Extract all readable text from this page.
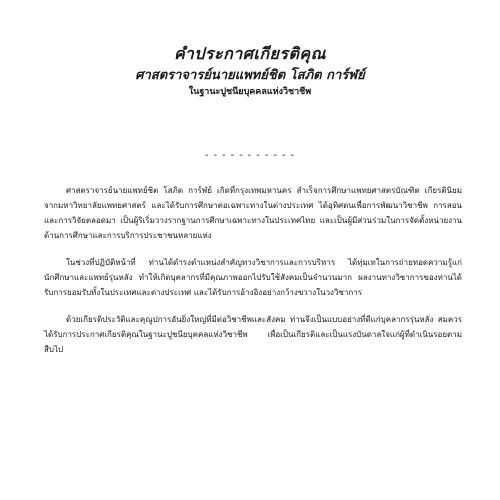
คำประกาศเกียรติคุณ
ศาสตราจารย์นายแพทย์ชิต โสภิต การ์ฬย์
ในฐานะปูชนียบุคคลแห่งวิชาชีพ
- - - - - - - - - - -

ศาสตราจารย์นายแพทย์ชิต โสภิต การ์ฬย์ เกิดที่กรุงเทพมหานคร สำเร็จการศึกษาแพทยศาสตรบัณฑิต เกียรตินิยม จากมหาวิทยาลัยแพทยศาสตร์ และได้รับการศึกษาต่อเฉพาะทางในต่างประเทศ ได้อุทิศตนเพื่อการพัฒนาวิชาชีพ การสอน และการวิจัยตลอดมา เป็นผู้ริเริ่มวางรากฐานการศึกษาเฉพาะทางในประเทศไทย และเป็นผู้มีส่วนร่วมในการจัดตั้งหน่วยงานด้านการศึกษาและการบริการประชาชนหลายแห่ง

ในช่วงที่ปฏิบัติหน้าที่ ท่านได้ดำรงตำแหน่งสำคัญทางวิชาการและการบริหาร ได้ทุ่มเทในการถ่ายทอดความรู้แก่นักศึกษาและแพทย์รุ่นหลัง ทำให้เกิดบุคลากรที่มีคุณภาพออกไปรับใช้สังคมเป็นจำนวนมาก ผลงานทางวิชาการของท่านได้รับการยอมรับทั้งในประเทศและต่างประเทศ และได้รับการอ้างอิงอย่างกว้างขวางในวงวิชาการ

ด้วยเกียรติประวัติและคุณูปการอันยิ่งใหญ่ที่มีต่อวิชาชีพและสังคม ท่านจึงเป็นแบบอย่างที่ดีแก่บุคลากรรุ่นหลัง สมควรได้รับการประกาศเกียรติคุณในฐานะปูชนียบุคคลแห่งวิชาชีพ เพื่อเป็นเกียรติและเป็นแรงบันดาลใจแก่ผู้ที่ดำเนินรอยตามสืบไป
